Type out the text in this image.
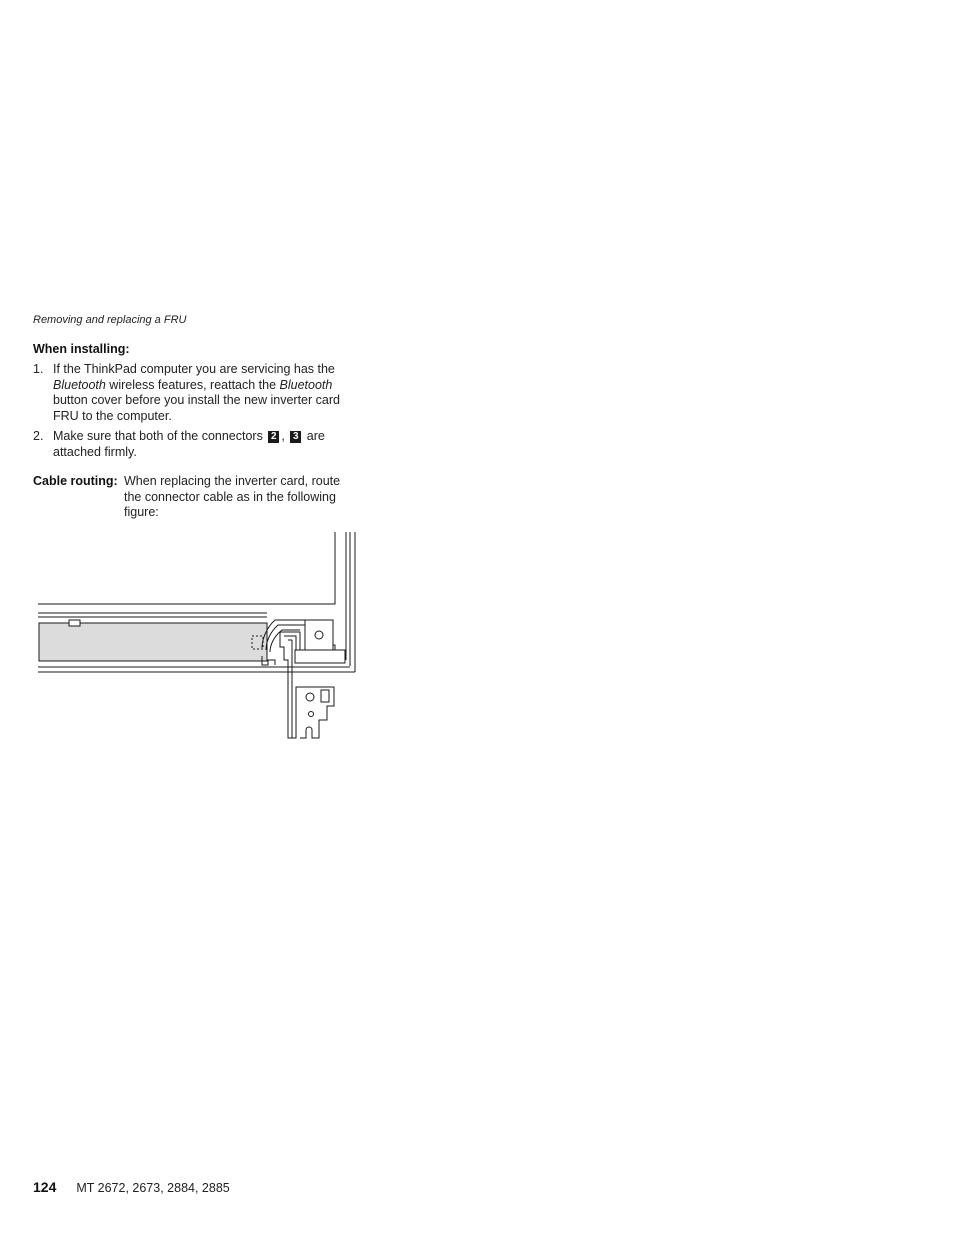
Removing and replacing a FRU
When installing:
1. If the ThinkPad computer you are servicing has the
Bluetooth wireless features, reattach the Bluetooth button cover before you install the new inverter card FRU to the computer.
2. Make sure that both of the connectors 2 , 3 are attached firmly.
Cable routing: When replacing the inverter card, route the connector cable as in the following figure:
124 MT 2672, 2673, 2884, 2885
